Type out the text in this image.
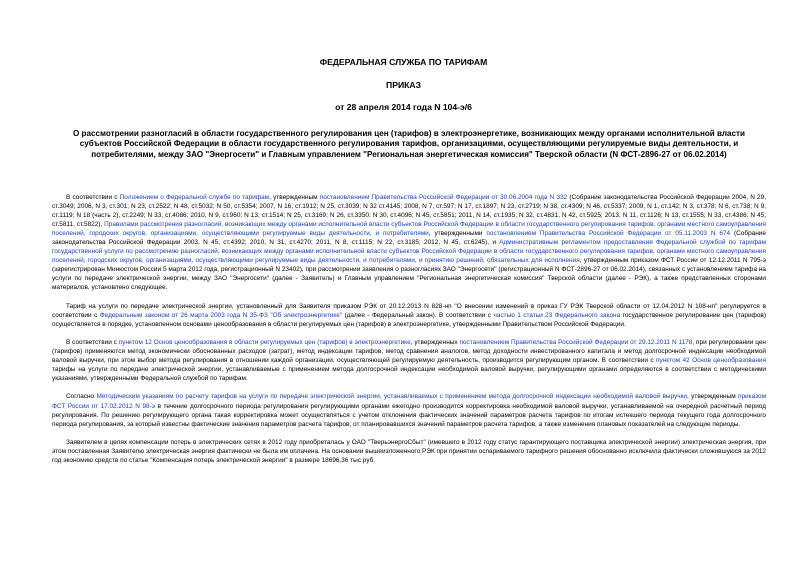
ФЕДЕРАЛЬНАЯ СЛУЖБА ПО ТАРИФАМ
ПРИКАЗ
от 28 апреля 2014 года N 104-э/6
О рассмотрении разногласий в области государственного регулирования цен (тарифов) в электроэнергетике, возникающих между органами исполнительной власти субъектов Российской Федерации в области государственного регулирования тарифов, организациями, осуществляющими регулируемые виды деятельности, и потребителями, между ЗАО "Энергосети" и Главным управлением "Региональная энергетическая комиссия" Тверской области (N ФСТ-2896-27 от 06.02.2014)

В соответствии с Положением о Федеральной службе по тарифам, утвержденным постановлением Правительства Российской Федерации от 30.06.2004 года N 332 (Собрание законодательства Российской Федерации 2004, N 29, ст.3049; 2006, N 3, ст.301; N 23, ст.2522; N 48, ст.5032; N 50, ст.5354; 2007, N 16, ст.1912; N 25, ст.3039; N 32 ст.4145; 2008, N 7, ст.597; N 17, ст.1897; N 23, ст.2719; N 38, ст.4309; N 46, ст.5337; 2009, N 1, ст.142; N 3, ст.378; N 6, ст.738; N 9, ст.1119; N 18 (часть 2), ст.2249; N 33, ст.4086; 2010, N 9, ст.960; N 13, ст.1514; N 25, ст.3169; N 26, ст.3350; N 30, ст.4096; N 45, ст.5851; 2011, N 14, ст.1935; N 32, ст.4831, N 42, ст.5925; 2013, N 11, ст.1126; N 13, ст.1555; N 33, ст.4386; N 45, ст.5811, ст.5822), Правилами рассмотрения разногласий, возникающих между органами исполнительной власти субъектов Российской Федерации в области государственного регулирования тарифов, органами местного самоуправления поселений, городских округов, организациями, осуществляющими регулируемые виды деятельности, и потребителями, утвержденными постановлением Правительства Российской Федерации от 05.11.2003 N 674 (Собрание законодательства Российской Федерации 2003, N 45, ст.4392; 2010, N 31, ст.4270; 2011, N 8, ст.1115; N 22, ст.3185; 2012, N 45, ст.6245), и Административным регламентом предоставления Федеральной службой по тарифам государственной услуги по рассмотрению разногласий, возникающих между органами исполнительной власти субъектов Российской Федерации в области государственного регулирования тарифов, органами местного самоуправления поселений, городских округов, организациями, осуществляющими регулируемые виды деятельности, и потребителями, и принятию решений, обязательных для исполнения, утвержденным приказом ФСТ России от 12.12.2011 N 795-э (зарегистрирован Минюстом России 5 марта 2012 года, регистрационный N 23402), при рассмотрении заявления о разногласиях ЗАО "Энергосети" (регистрационный N ФСТ-2896-27 от 06.02.2014), связанных с установлением тарифа на услуги по передаче электрической энергии, между ЗАО "Энергосети" (далее - Заявитель) и Главным управлением "Региональная энергетическая комиссия" Тверской области (далее - РЭК), а также представленных сторонами материалов, установлено следующее.

Тариф на услуги по передаче электрической энергии, установленный для Заявителя приказом РЭК от 20.12.2013 N 828-нп "О внесении изменений в приказ ГУ РЭК Тверской области от 12.04.2012 N 108-нп" регулируется в соответствии с Федеральным законом от 26 марта 2003 года N 35-ФЗ "Об электроэнергетике" (далее - Федеральный закон). В соответствии с частью 1 статьи 23 Федерального закона государственное регулирование цен (тарифов) осуществляется в порядке, установленном основами ценообразования в области регулируемых цен (тарифов) в электроэнергетике, утвержденными Правительством Российской Федерации.

В соответствии с пунктом 12 Основ ценообразования в области регулируемых цен (тарифов) в электроэнергетике, утвержденных постановлением Правительства Российской Федерации от 29.12.2011 N 1178, при регулировании цен (тарифов) применяются метод экономически обоснованных расходов (затрат), метод индексации тарифов, метод сравнения аналогов, метод доходности инвестированного капитала и метод долгосрочной индексации необходимой валовой выручки, при этом выбор метода регулирования в отношении каждой организации, осуществляющей регулируемую деятельность, производится регулирующим органом. В соответствии с пунктом 42 Основ ценообразования тарифы на услуги по передаче электрической энергии, устанавливаемые с применением метода долгосрочной индексации необходимой валовой выручки, регулирующими органами определяются в соответствии с методическими указаниями, утвержденными Федеральной службой по тарифам.

Согласно Методическим указаниям по расчету тарифов на услуги по передаче электрической энергии, устанавливаемых с применением метода долгосрочной индексации необходимой валовой выручки, утвержденным приказом ФСТ России от 17.02.2012 N 98-э в течение долгосрочного периода регулирования регулирующими органами ежегодно производится корректировка необходимой валовой выручки, устанавливаемой на очередной расчетный период регулирования. По решению регулирующего органа такая корректировка может осуществляться с учетом отклонения фактических значений параметров расчета тарифов по итогам истекшего периода текущего года долгосрочного периода регулирования, за который известны фактические значения параметров расчета тарифов, от планировавшихся значений параметров расчета тарифов, а также изменения плановых показателей на следующие периоды.

Заявителем в целях компенсации потерь в электрических сетях в 2012 году приобреталась у ОАО "ТверьэнергоСбыт" (имевшего в 2012 году статус гарантирующего поставщика электрической энергии) электрическая энергия, при этом поставленная Заявителю электрическая энергия фактически не была им оплачена. На основании вышеизложенного РЭК при принятии оспариваемого тарифного решения обоснованно исключила фактически сложившуюся за 2012 год экономию средств по статье "Компенсация потерь электрической энергии" в размере 18696,36 тыс.руб.
